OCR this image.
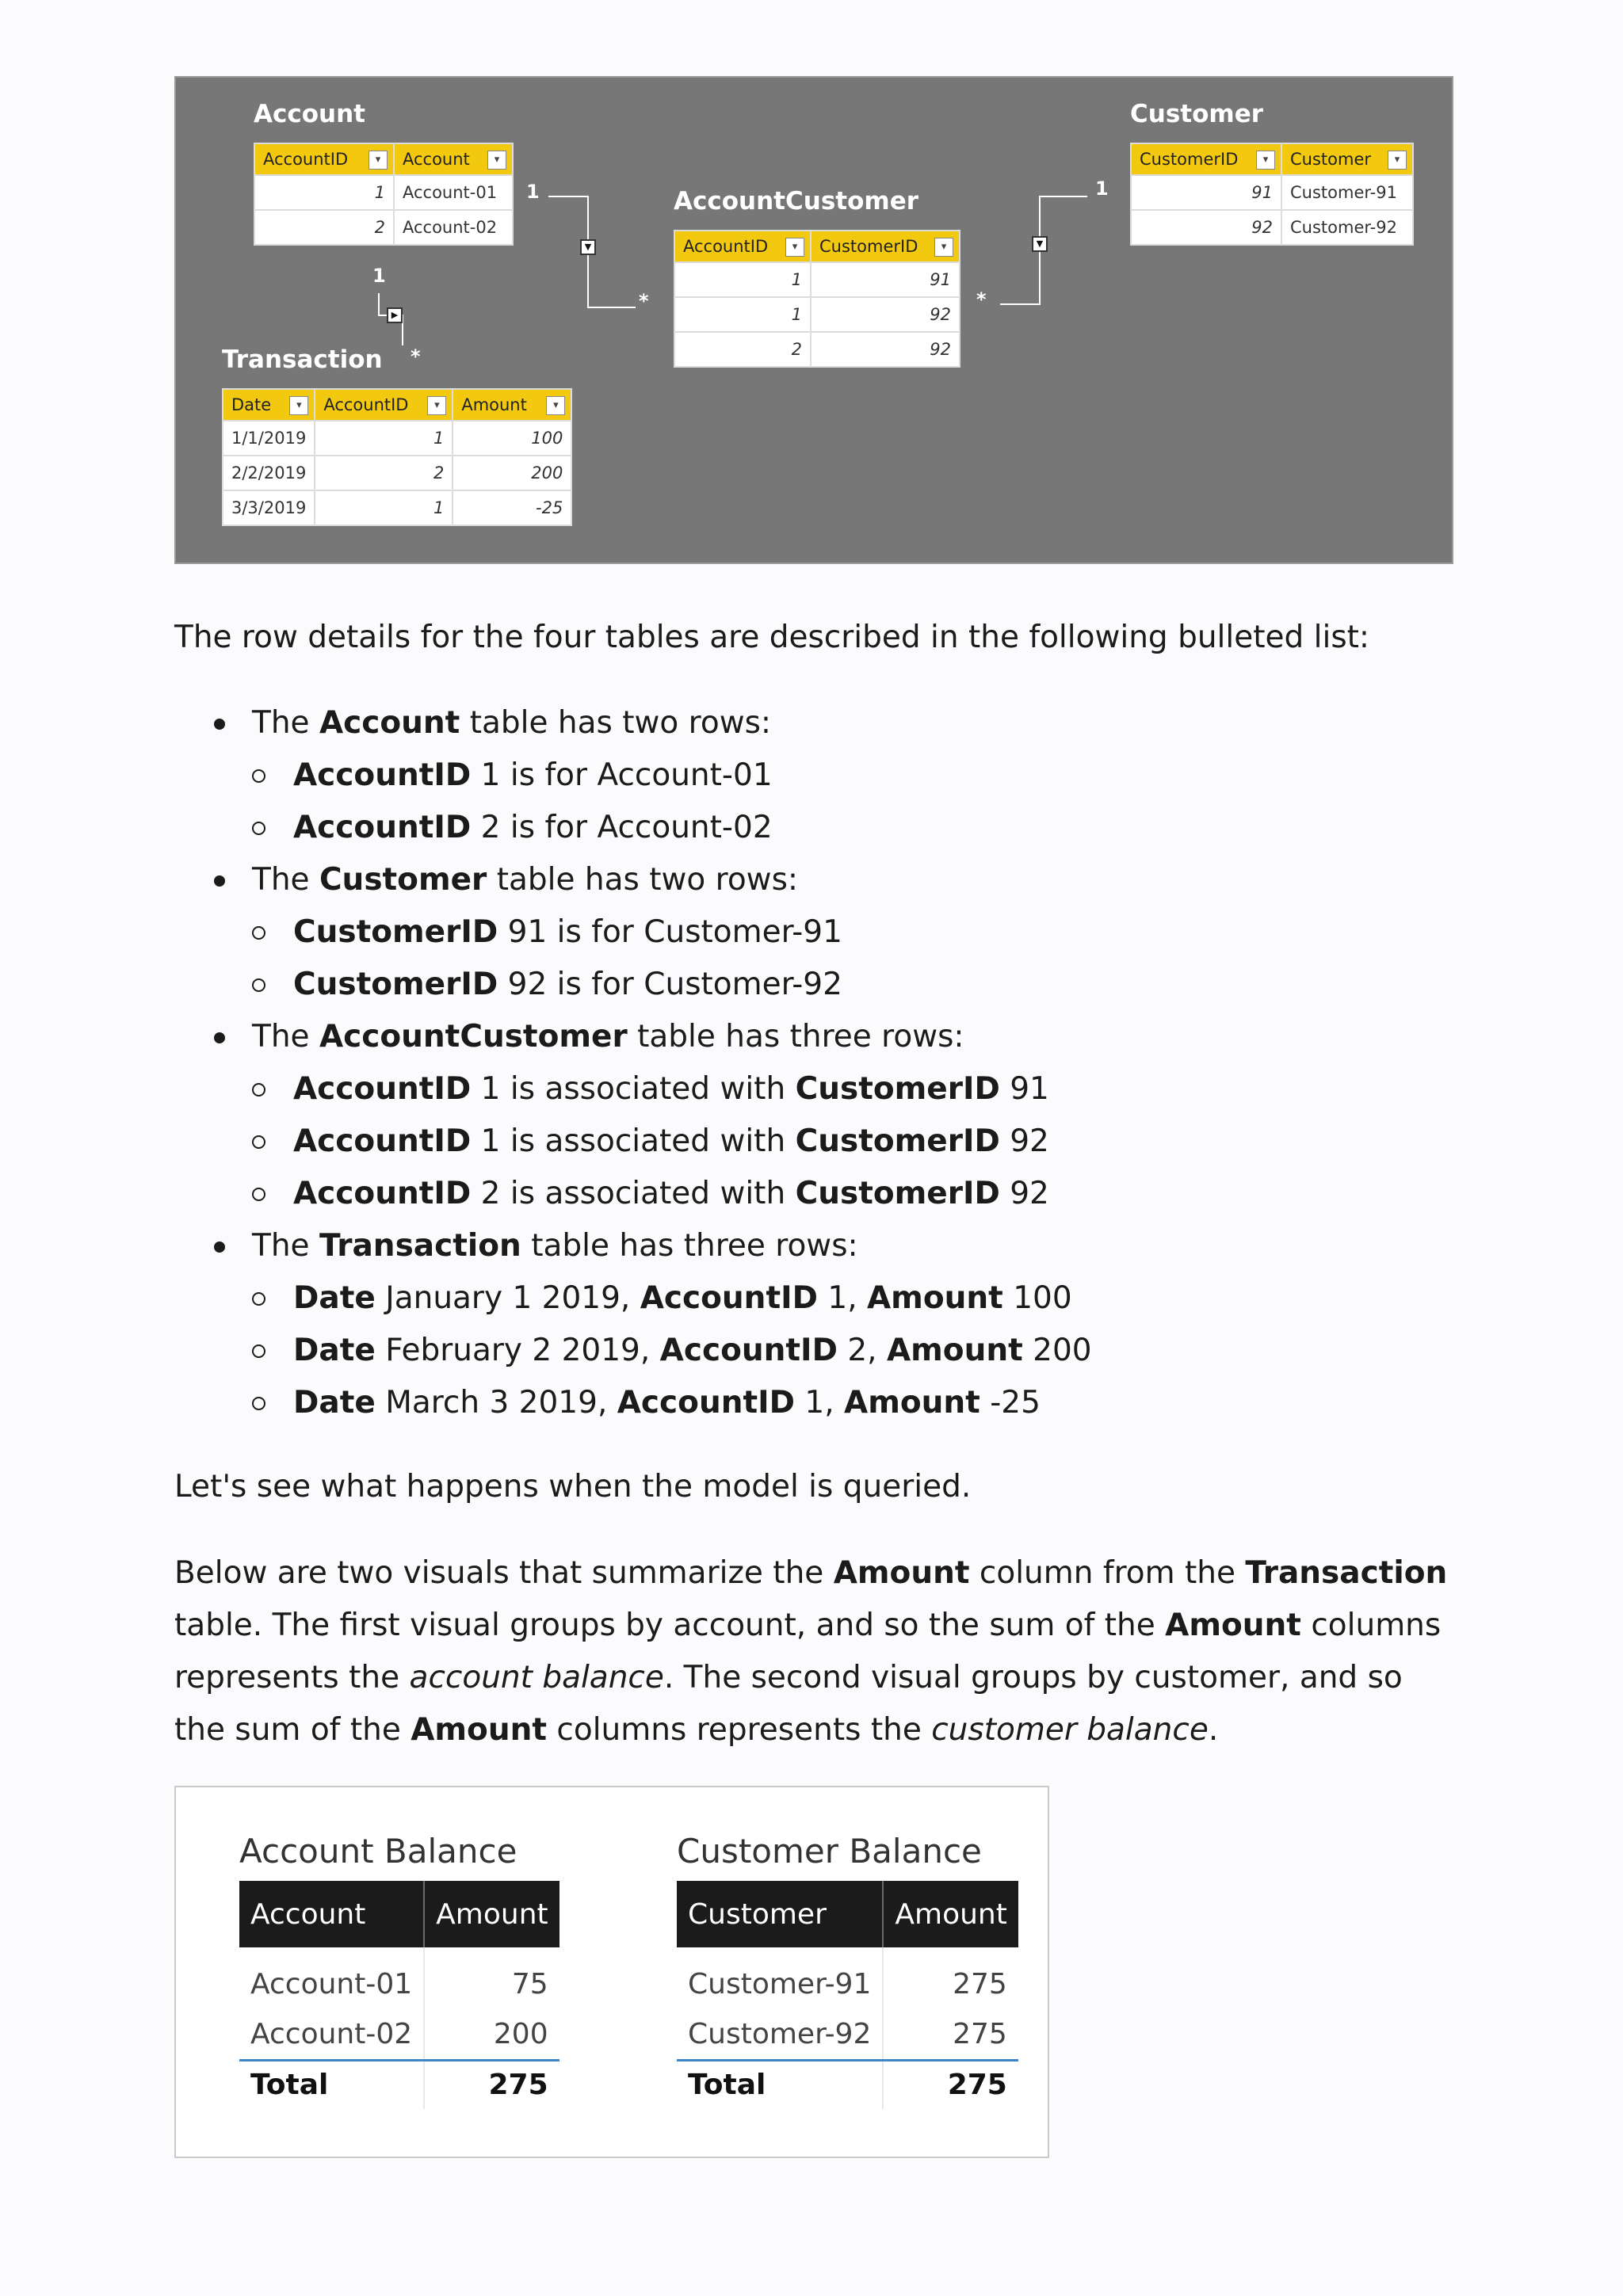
Account
AccountID ▾	Account ▾

1	Account-01
2	Account-02
Customer
CustomerID ▾	Customer ▾

91	Customer-91
92	Customer-92
AccountCustomer
AccountID ▾	CustomerID ▾

1	91
1	92
2	92
Transaction
Date ▾	AccountID ▾	Amount ▾

1/1/2019	1	100
2/2/2019	2	200
3/3/2019	1	-25
1
*
▼
1
*
▼
1
*
▶
The row details for the four tables are described in the following bulleted list:
The Account table has two rows:
AccountID 1 is for Account-01
AccountID 2 is for Account-02
The Customer table has two rows:
CustomerID 91 is for Customer-91
CustomerID 92 is for Customer-92
The AccountCustomer table has three rows:
AccountID 1 is associated with CustomerID 91
AccountID 1 is associated with CustomerID 92
AccountID 2 is associated with CustomerID 92
The Transaction table has three rows:
Date January 1 2019, AccountID 1, Amount 100
Date February 2 2019, AccountID 2, Amount 200
Date March 3 2019, AccountID 1, Amount -25
Let's see what happens when the model is queried.
Below are two visuals that summarize the Amount column from the Transaction table. The first visual groups by account, and so the sum of the Amount columns represents the account balance. The second visual groups by customer, and so the sum of the Amount columns represents the customer balance.
Account Balance
Account	Amount

Account-01	75
Account-02	200
Total	275
Customer Balance
Customer	Amount

Customer-91	275
Customer-92	275
Total	275
